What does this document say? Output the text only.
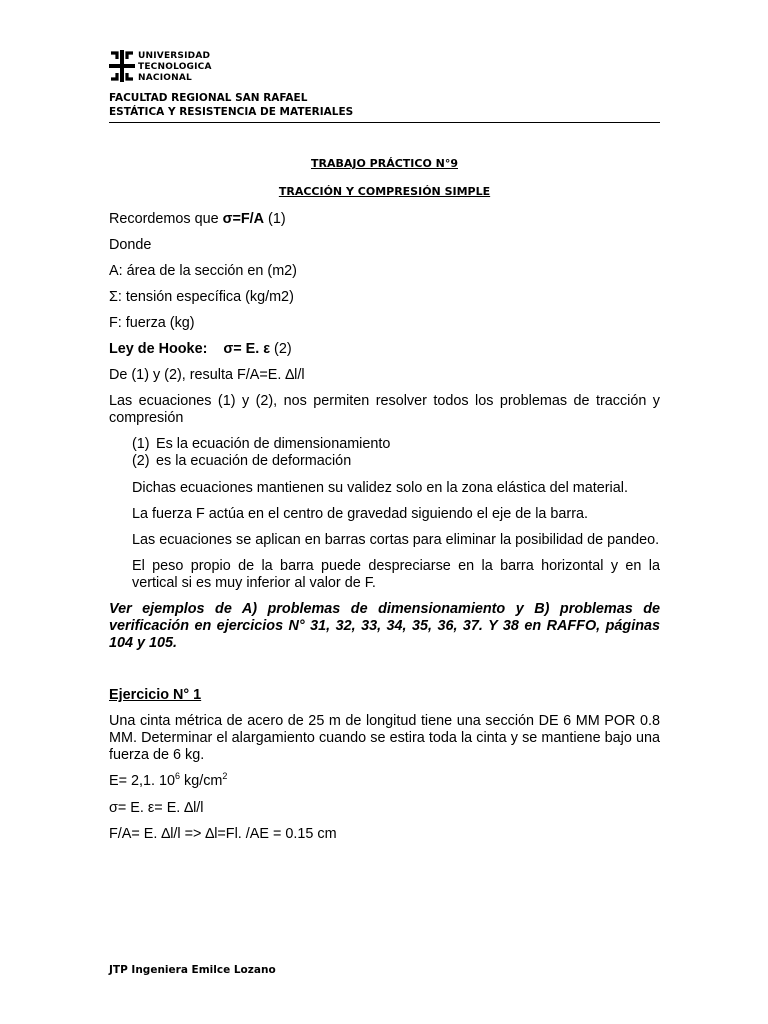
UNIVERSIDAD
TECNOLOGICA
NACIONAL
FACULTAD REGIONAL SAN RAFAEL
ESTÁTICA Y RESISTENCIA DE MATERIALES
TRABAJO PRÁCTICO N°9
TRACCIÓN Y COMPRESIÓN SIMPLE
Recordemos que σ=F/A (1)
Donde
A: área de la sección en (m2)
Σ: tensión específica (kg/m2)
F: fuerza (kg)
Ley de Hooke: σ= E. ε (2)
De (1) y (2), resulta F/A=E. ∆l/l
Las ecuaciones (1) y (2), nos permiten resolver todos los problemas de tracción y compresión
(1) Es la ecuación de dimensionamiento
(2) es la ecuación de deformación
Dichas ecuaciones mantienen su validez solo en la zona elástica del material.
La fuerza F actúa en el centro de gravedad siguiendo el eje de la barra.
Las ecuaciones se aplican en barras cortas para eliminar la posibilidad de pandeo.
El peso propio de la barra puede despreciarse en la barra horizontal y en la vertical si es muy inferior al valor de F.
Ver ejemplos de A) problemas de dimensionamiento y B) problemas de verificación en ejercicios N° 31, 32, 33, 34, 35, 36, 37. Y 38 en RAFFO, páginas 104 y 105.
Ejercicio N° 1
Una cinta métrica de acero de 25 m de longitud tiene una sección DE 6 MM POR 0.8 MM. Determinar el alargamiento cuando se estira toda la cinta y se mantiene bajo una fuerza de 6 kg.
E= 2,1. $10^6$ $kg/cm^2$
σ= E. ε= E. ∆l/l
F/A= E. ∆l/l => ∆l=Fl. /AE = 0.15 cm
JTP Ingeniera Emilce Lozano
